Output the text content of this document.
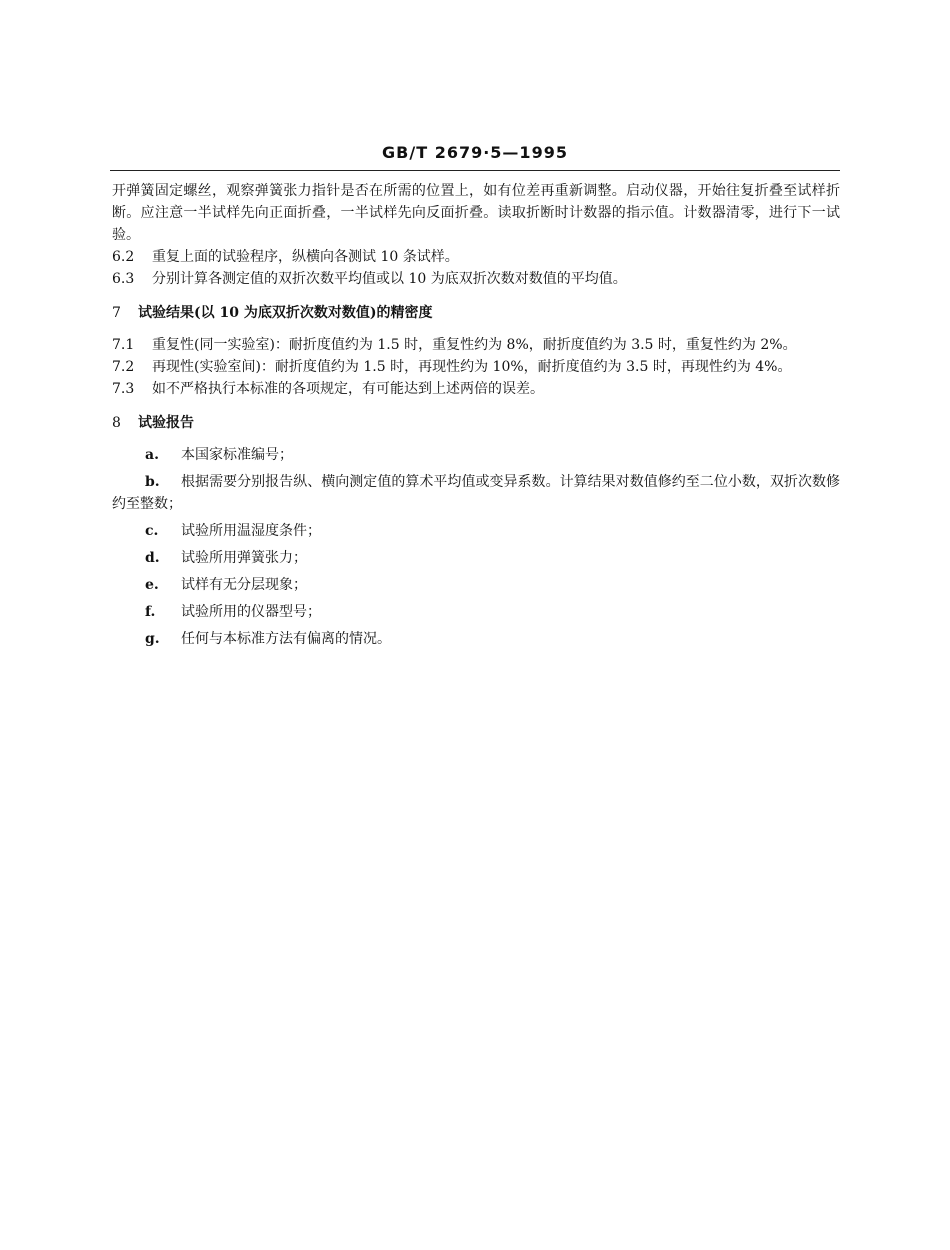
GB/T 2679·5—1995

开弹簧固定螺丝，观察弹簧张力指针是否在所需的位置上，如有位差再重新调整。启动仪器，开始往复折叠至试样折断。应注意一半试样先向正面折叠，一半试样先向反面折叠。读取折断时计数器的指示值。计数器清零，进行下一试验。

6.2 重复上面的试验程序，纵横向各测试 10 条试样。

6.3 分别计算各测定值的双折次数平均值或以 10 为底双折次数对数值的平均值。

7 试验结果(以 10 为底双折次数对数值)的精密度

7.1 重复性(同一实验室)：耐折度值约为 1.5 时，重复性约为 8%，耐折度值约为 3.5 时，重复性约为 2%。

7.2 再现性(实验室间)：耐折度值约为 1.5 时，再现性约为 10%，耐折度值约为 3.5 时，再现性约为 4%。

7.3 如不严格执行本标准的各项规定，有可能达到上述两倍的误差。

8 试验报告

a. 本国家标准编号；

b. 根据需要分别报告纵、横向测定值的算术平均值或变异系数。计算结果对数值修约至二位小数，双折次数修约至整数；

c. 试验所用温湿度条件；

d. 试验所用弹簧张力；

e. 试样有无分层现象；

f. 试验所用的仪器型号；

g. 任何与本标准方法有偏离的情况。
